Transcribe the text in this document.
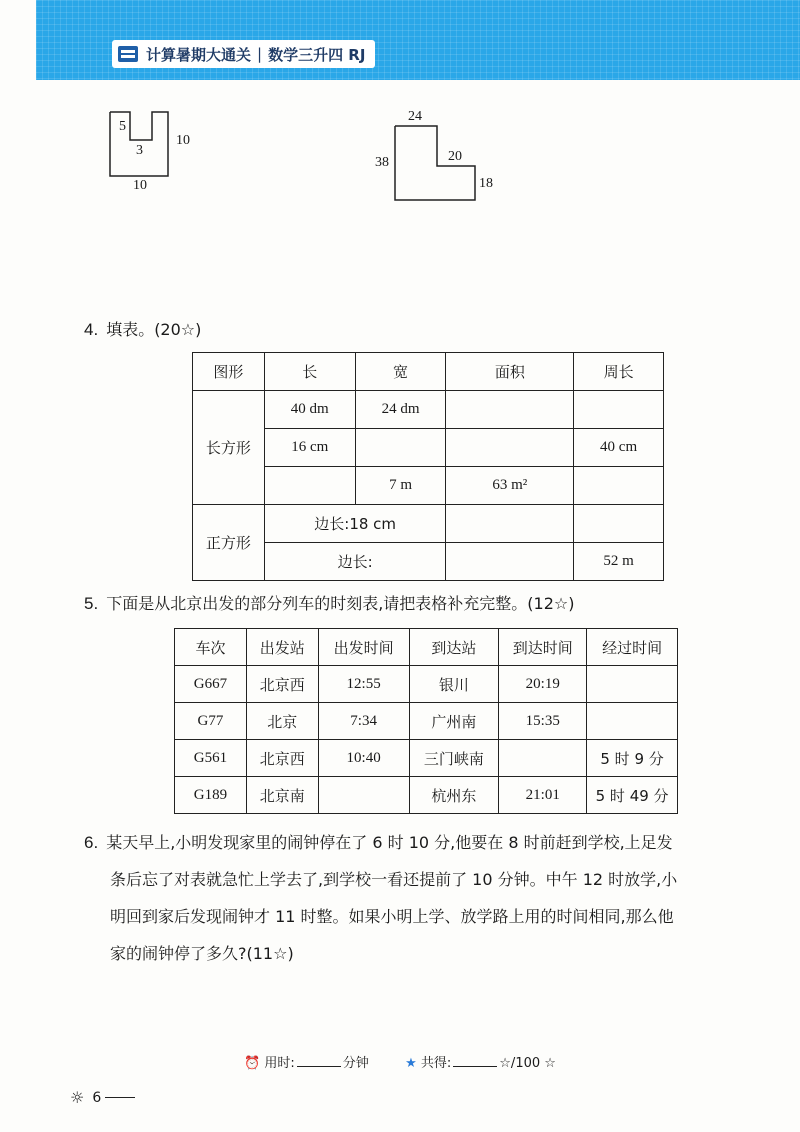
计算暑期大通关 | 数学三升四 RJ
5
3
10
10
24
38	20
18
4. 填表。(20☆)
图形	长	宽	面积	周长
长方形	40 dm	24 dm		
	16 cm			40 cm
		7 m	63 m²	
正方形	边长:18 cm			
	边长:			52 m
5. 下面是从北京出发的部分列车的时刻表,请把表格补充完整。(12☆)
车次	出发站	出发时间	到达站	到达时间	经过时间
G667	北京西	12:55	银川	20:19	
G77	北京	7:34	广州南	15:35	
G561	北京西	10:40	三门峡南		5 时 9 分
G189	北京南		杭州东	21:01	5 时 49 分
6. 某天早上,小明发现家里的闹钟停在了 6 时 10 分,他要在 8 时前赶到学校,上足发
条后忘了对表就急忙上学去了,到学校一看还提前了 10 分钟。中午 12 时放学,小
明回到家后发现闹钟才 11 时整。如果小明上学、放学路上用的时间相同,那么他
家的闹钟停了多久?(11☆)
⏰ 用时:	分钟	★ 共得:	☆/100 ☆
☼ 6
